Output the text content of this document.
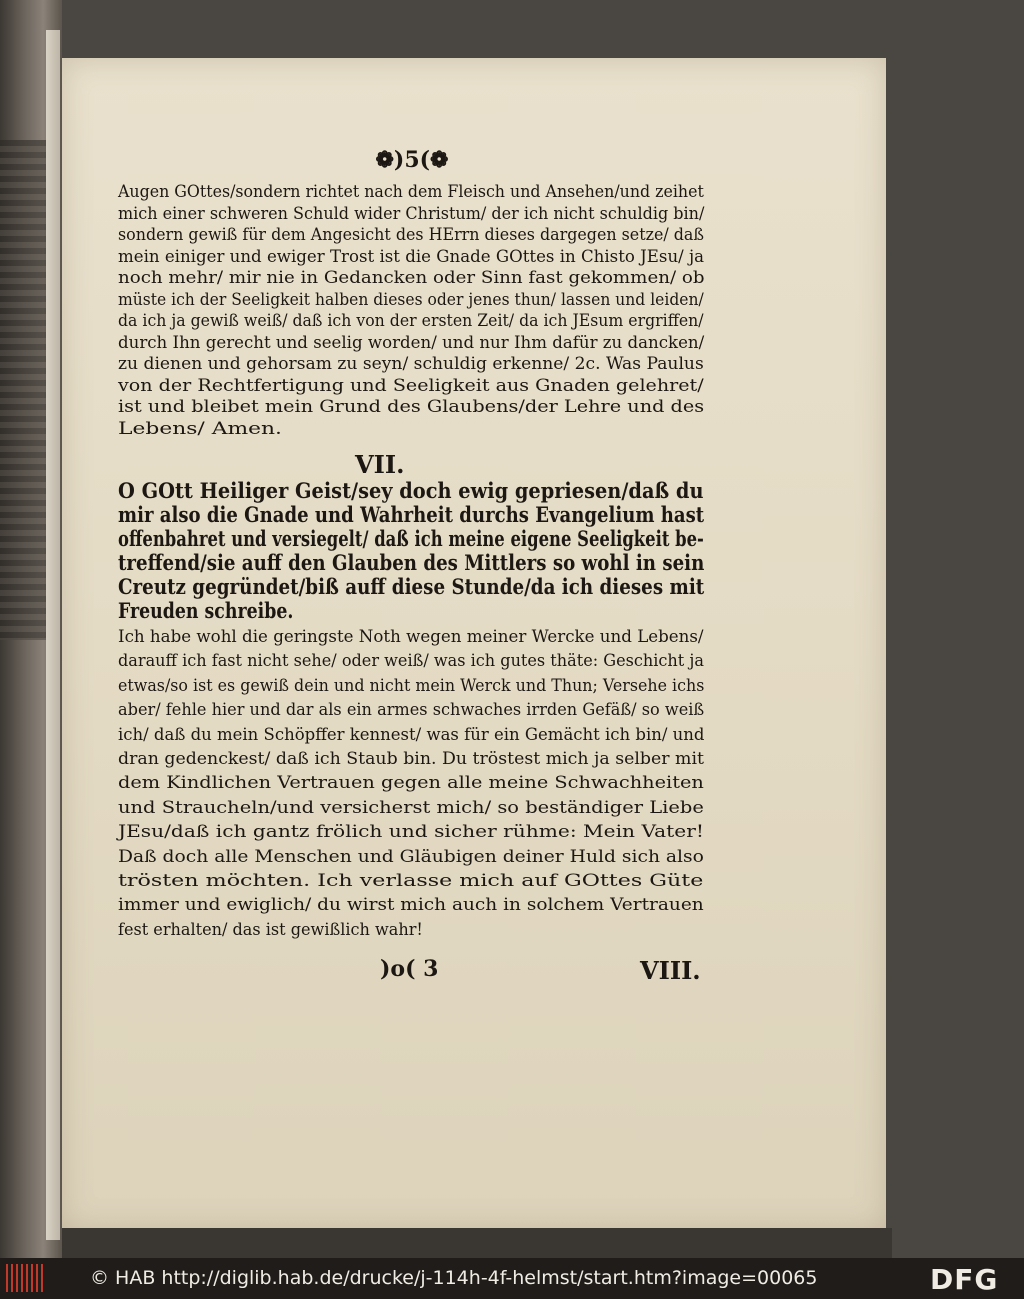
❁)5(❁
Augen GOttes/sondern richtet nach dem Fleisch und Ansehen/und zeihet
mich einer schweren Schuld wider Christum/ der ich nicht schuldig bin/
sondern gewiß für dem Angesicht des HErrn dieses dargegen setze/ daß
mein einiger und ewiger Trost ist die Gnade GOttes in Chisto JEsu/ ja
noch mehr/ mir nie in Gedancken oder Sinn fast gekommen/ ob
müste ich der Seeligkeit halben dieses oder jenes thun/ lassen und leiden/
da ich ja gewiß weiß/ daß ich von der ersten Zeit/ da ich JEsum ergriffen/
durch Ihn gerecht und seelig worden/ und nur Ihm dafür zu dancken/
zu dienen und gehorsam zu seyn/ schuldig erkenne/ 2c. Was Paulus
von der Rechtfertigung und Seeligkeit aus Gnaden gelehret/
ist und bleibet mein Grund des Glaubens/der Lehre und des
Lebens/ Amen.
VII.
O GOtt Heiliger Geist/sey doch ewig gepriesen/daß du
mir also die Gnade und Wahrheit durchs Evangelium hast
offenbahret und versiegelt/ daß ich meine eigene Seeligkeit be-
treffend/sie auff den Glauben des Mittlers so wohl in sein
Creutz gegründet/biß auff diese Stunde/da ich dieses mit
Freuden schreibe.
Ich habe wohl die geringste Noth wegen meiner Wercke und Lebens/
darauff ich fast nicht sehe/ oder weiß/ was ich gutes thäte: Geschicht ja
etwas/so ist es gewiß dein und nicht mein Werck und Thun; Versehe ichs
aber/ fehle hier und dar als ein armes schwaches irrden Gefäß/ so weiß
ich/ daß du mein Schöpffer kennest/ was für ein Gemächt ich bin/ und
dran gedenckest/ daß ich Staub bin. Du tröstest mich ja selber mit
dem Kindlichen Vertrauen gegen alle meine Schwachheiten
und Straucheln/und versicherst mich/ so beständiger Liebe
JEsu/daß ich gantz frölich und sicher rühme: Mein Vater!
Daß doch alle Menschen und Gläubigen deiner Huld sich also
trösten möchten. Ich verlasse mich auf GOttes Güte
immer und ewiglich/ du wirst mich auch in solchem Vertrauen
fest erhalten/ das ist gewißlich wahr!
)o( 3	VIII.
© HAB http://diglib.hab.de/drucke/j-114h-4f-helmst/start.htm?image=00065	DFG
